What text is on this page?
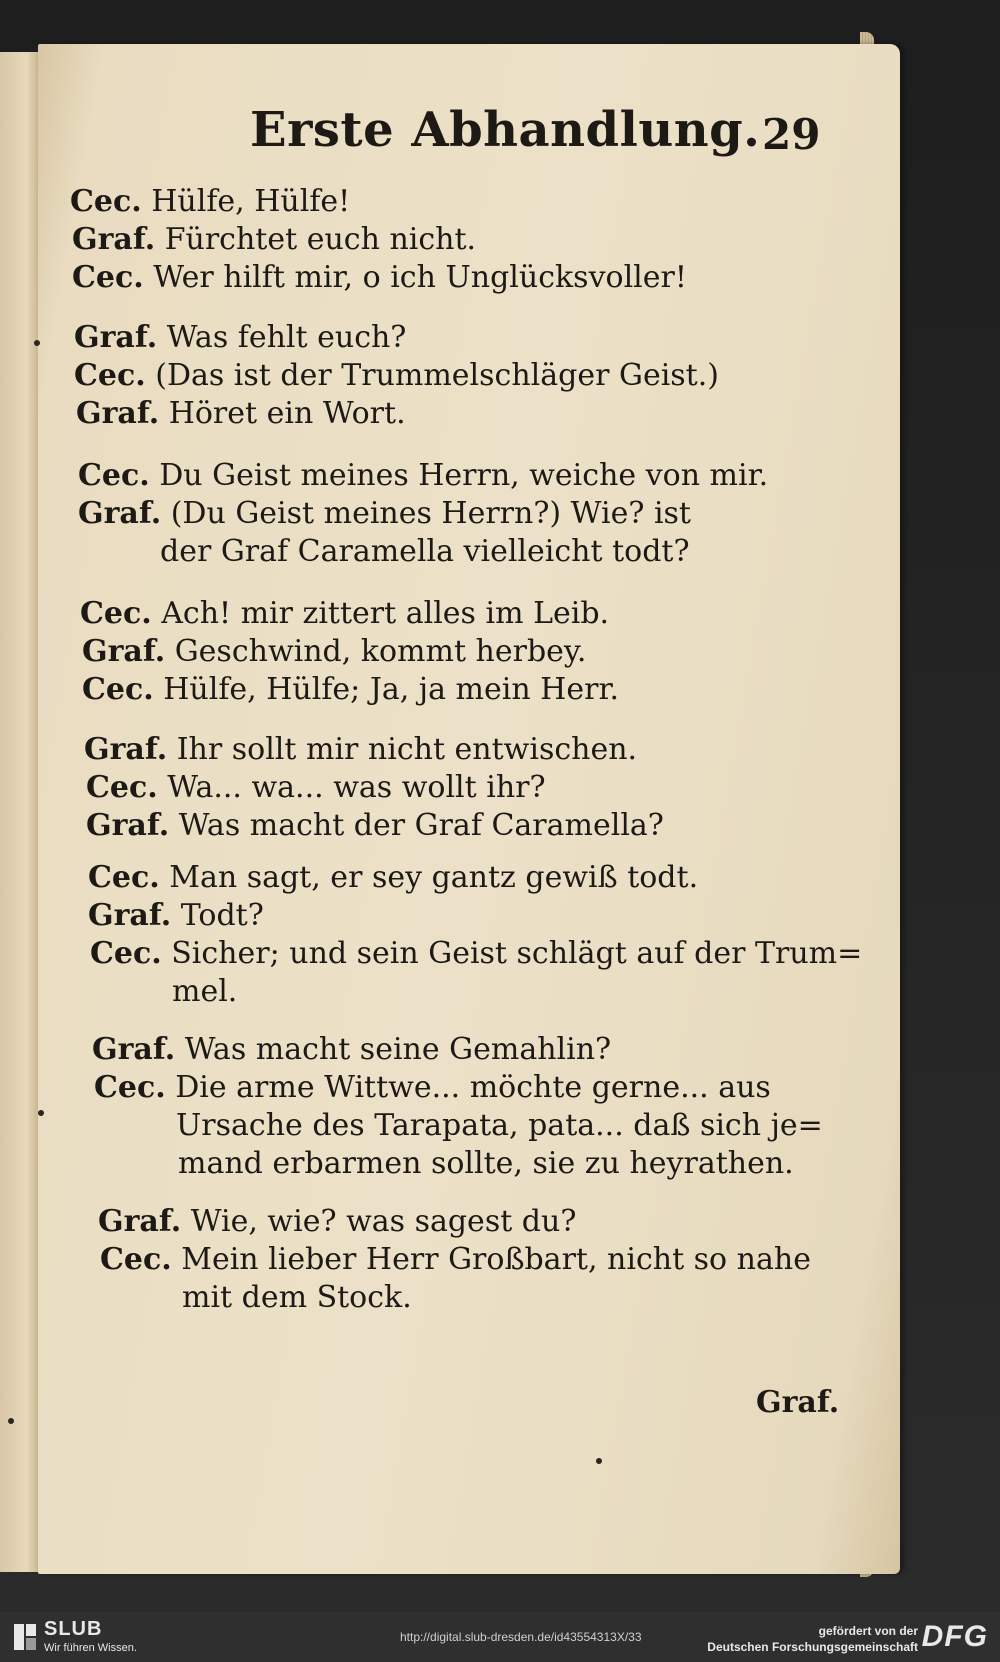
Erste Abhandlung. 29
Cec. Hülfe, Hülfe!
Graf. Fürchtet euch nicht.
Cec. Wer hilft mir, o ich Unglücksvoller!
Graf. Was fehlt euch?
Cec. (Das ist der Trummelschläger Geist.)
Graf. Höret ein Wort.
Cec. Du Geist meines Herrn, weiche von mir.
Graf. (Du Geist meines Herrn?) Wie? ist
der Graf Caramella vielleicht todt?
Cec. Ach! mir zittert alles im Leib.
Graf. Geschwind, kommt herbey.
Cec. Hülfe, Hülfe; Ja, ja mein Herr.
Graf. Ihr sollt mir nicht entwischen.
Cec. Wa... wa... was wollt ihr?
Graf. Was macht der Graf Caramella?
Cec. Man sagt, er sey gantz gewiß todt.
Graf. Todt?
Cec. Sicher; und sein Geist schlägt auf der Trum=
mel.
Graf. Was macht seine Gemahlin?
Cec. Die arme Wittwe... möchte gerne... aus
Ursache des Tarapata, pata... daß sich je=
mand erbarmen sollte, sie zu heyrathen.
Graf. Wie, wie? was sagest du?
Cec. Mein lieber Herr Großbart, nicht so nahe
mit dem Stock.
Graf.
SLUB
Wir führen Wissen.
http://digital.slub-dresden.de/id43554313X/33	gefördert von der
Deutschen Forschungsgemeinschaft DFG
